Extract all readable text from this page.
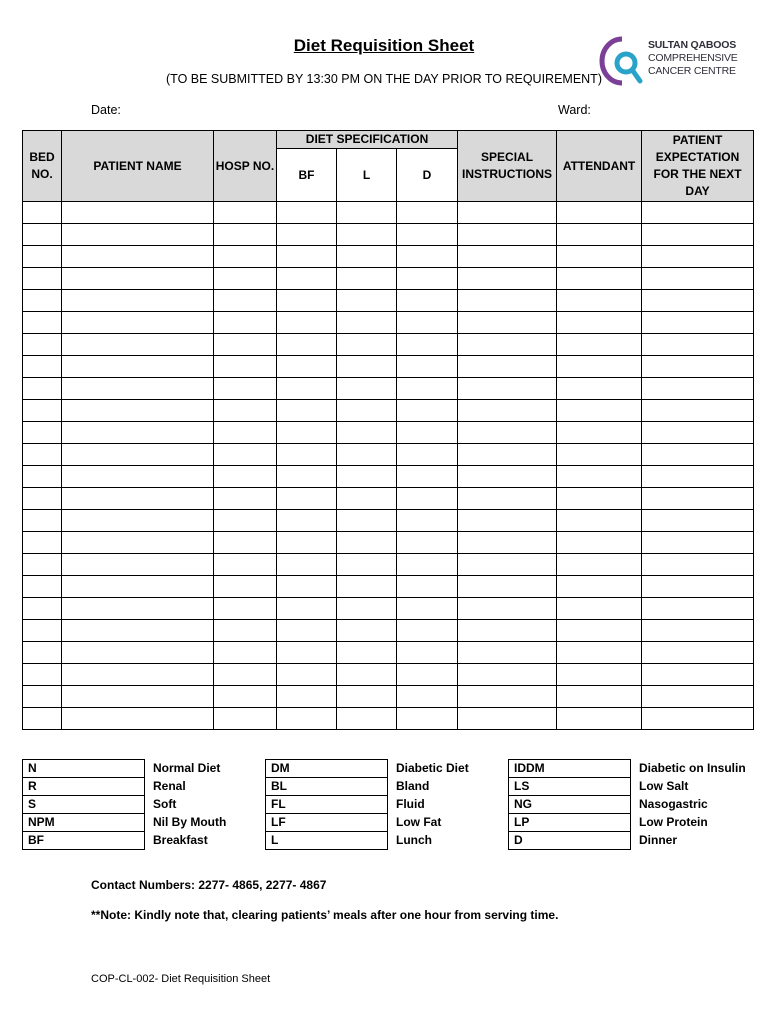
Diet Requisition Sheet
(TO BE SUBMITTED BY 13:30 PM ON THE DAY PRIOR TO REQUIREMENT)
SULTAN QABOOS
COMPREHENSIVE
CANCER CENTRE
Date:	Ward:
BED NO.	PATIENT NAME	HOSP NO.	DIET SPECIFICATION			SPECIAL INSTRUCTIONS	ATTENDANT	PATIENT EXPECTATION FOR THE NEXT DAY
			BF	L	D			

N	Normal Diet
R	Renal
S	Soft
NPM	Nil By Mouth
BF	Breakfast
DM	Diabetic Diet
BL	Bland
FL	Fluid
LF	Low Fat
L	Lunch
IDDM	Diabetic on Insulin
LS	Low Salt
NG	Nasogastric
LP	Low Protein
D	Dinner
Contact Numbers: 2277- 4865, 2277- 4867
**Note: Kindly note that, clearing patients’ meals after one hour from serving time.
COP-CL-002- Diet Requisition Sheet
